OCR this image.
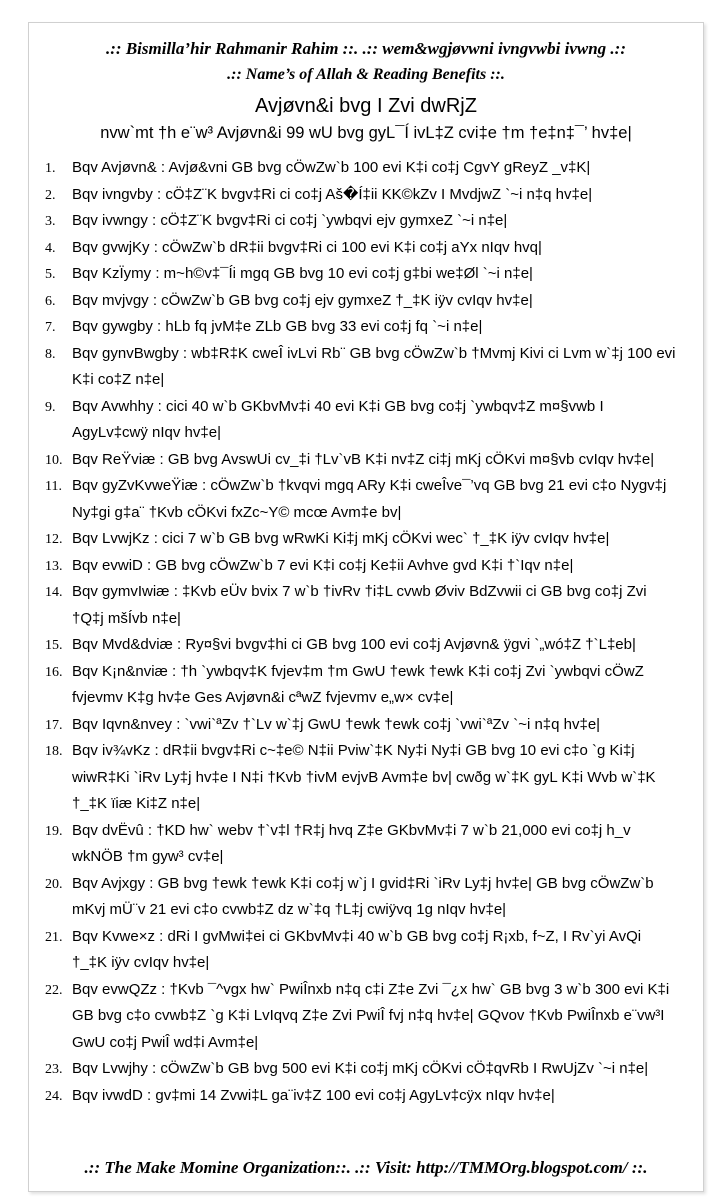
.:: Bismilla’hir Rahmanir Rahim ::. .:: wem&wgjøvwni ivngvwbi ivwng .::
.:: Name’s of Allah & Reading Benefits ::.
Avjøvn&i bvg I Zvi dwRjZ
nvw`mt †h e¨w³ Avjøvn&i 99 wU bvg gyL¯Í ivL‡Z cvi‡e †m †e‡n‡¯’ hv‡e|
1.	Bqv Avjøvn& : Avjø&vni GB bvg cÖwZw`b 100 evi K‡i co‡j CgvY gReyZ _v‡K|
2.	Bqv ivngvby : cÖ‡Z¨K bvgv‡Ri ci co‡j Aš�Í‡ii KK©kZv I MvdjwZ `~i n‡q hv‡e|
3.	Bqv ivwngy : cÖ‡Z¨K bvgv‡Ri ci co‡j `ywbqvi ejv gymxeZ `~i n‡e|
4.	Bqv gvwjKy : cÖwZw`b dR‡ii bvgv‡Ri ci 100 evi K‡i co‡j aYx nIqv hvq|
5.	Bqv KzÏymy : m~h©v‡¯Íi mgq GB bvg 10 evi co‡j g‡bi we‡Øl `~i n‡e|
6.	Bqv mvjvgy : cÖwZw`b GB bvg co‡j ejv gymxeZ †_‡K iÿv cvIqv hv‡e|
7.	Bqv gywgby : hLb fq jvM‡e ZLb GB bvg 33 evi co‡j fq `~i n‡e|
8.	Bqv gynvBwgby : wb‡R‡K cweÎ ivLvi Rb¨ GB bvg cÖwZw`b †Mvmj Kivi ci Lvm w`‡j 100 evi
K‡i co‡Z n‡e|
9.	Bqv Avwhhy : cici 40 w`b GKbvMv‡i 40 evi K‡i GB bvg co‡j `ywbqv‡Z m¤§vwb I
AgyLv‡cwÿ nIqv hv‡e|
10. Bqv ReŸviæ : GB bvg AvswUi cv_‡i †Lv`vB K‡i nv‡Z ci‡j mKj cÖKvi m¤§vb cvIqv hv‡e|
11. Bqv gyZvKvweŸiæ : cÖwZw`b †kvqvi mgq ARy K‡i cweÎve¯’vq GB bvg 21 evi c‡o Nygv‡j
Ny‡gi g‡a¨ †Kvb cÖKvi fxZc~Y© mcœ Avm‡e bv|
12. Bqv LvwjKz : cici 7 w`b GB bvg wRwKi Ki‡j mKj cÖKvi wec` †_‡K iÿv cvIqv hv‡e|
13. Bqv evwiD : GB bvg cÖwZw`b 7 evi K‡i co‡j Ke‡ii Avhve gvd K‡i †`Iqv n‡e|
14. Bqv gymvIwiæ : ‡Kvb eÜv bvix 7 w`b †ivRv †i‡L cvwb Øviv BdZvwii ci GB bvg co‡j Zvi
†Q‡j mšÍvb n‡e|
15. Bqv Mvd&dviæ : Ry¤§vi bvgv‡hi ci GB bvg 100 evi co‡j Avjøvn& ÿgvi `„wó‡Z †`L‡eb|
16. Bqv K¡n&nviæ : †h `ywbqv‡K fvjev‡m †m GwU †ewk †ewk K‡i co‡j Zvi `ywbqvi cÖwZ
fvjevmv K‡g hv‡e Ges Avjøvn&i cªwZ fvjevmv e„w× cv‡e|
17. Bqv Iqvn&nvey : `vwi`ªZv †`Lv w`‡j GwU †ewk †ewk co‡j `vwi`ªZv `~i n‡q hv‡e|
18. Bqv iv¾vKz : dR‡ii bvgv‡Ri c~‡e© N‡ii Pviw`‡K Ny‡i Ny‡i GB bvg 10 evi c‡o `g Ki‡j
wiwR‡Ki `iRv Ly‡j hv‡e I N‡i †Kvb †ivM evjvB Avm‡e bv| cwðg w`‡K gyL K‡i Wvb w`‡K
†_‡K ïiæ Ki‡Z n‡e|
19. Bqv dvËvû : †KD hw` webv †`v‡l †R‡j hvq Z‡e GKbvMv‡i 7 w`b 21,000 evi co‡j h_v
wkNÖB †m gyw³ cv‡e|
20. Bqv Avjxgy : GB bvg †ewk †ewk K‡i co‡j w`j I gvid‡Ri `iRv Ly‡j hv‡e| GB bvg cÖwZw`b
mKvj mÜ¨v 21 evi c‡o cvwb‡Z dz w`‡q †L‡j cwiÿvq 1g nIqv hv‡e|
21. Bqv Kvwe×z : dRi I gvMwi‡ei ci GKbvMv‡i 40 w`b GB bvg co‡j R¡xb, f~Z, I Rv`yi AvQi
†_‡K iÿv cvIqv hv‡e|
22. Bqv evwQZz : †Kvb ¯^vgx hw` PwiÎnxb n‡q c‡i Z‡e Zvi ¯¿x hw` GB bvg 3 w`b 300 evi K‡i
GB bvg c‡o cvwb‡Z `g K‡i LvIqvq Z‡e Zvi PwiÎ fvj n‡q hv‡e| GQvov †Kvb PwiÎnxb e¨vw³I
GwU co‡j PwiÎ wd‡i Avm‡e|
23. Bqv Lvwjhy : cÖwZw`b GB bvg 500 evi K‡i co‡j mKj cÖKvi cÖ‡qvRb I RwUjZv `~i n‡e|
24. Bqv ivwdD : gv‡mi 14 Zvwi‡L ga¨iv‡Z 100 evi co‡j AgyLv‡cÿx nIqv hv‡e|
.:: The Make Momine Organization::. .:: Visit: http://TMMOrg.blogspot.com/ ::.
